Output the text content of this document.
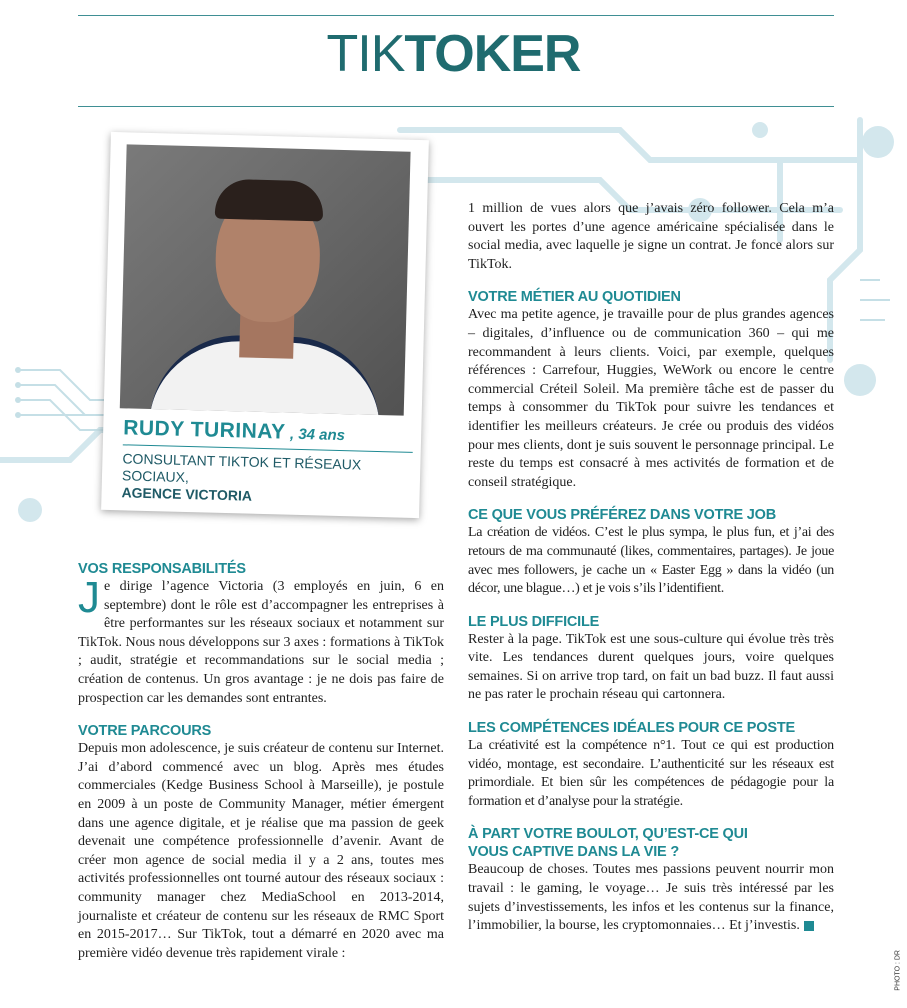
TIKTOKER
RUDY TURINAY , 34 ans
CONSULTANT TIKTOK ET RÉSEAUX SOCIAUX,
AGENCE VICTORIA
VOS RESPONSABILITÉS

Je dirige l’agence Victoria (3 employés en juin, 6 en septembre) dont le rôle est d’accompagner les entreprises à être performantes sur les réseaux sociaux et notamment sur TikTok. Nous nous développons sur 3 axes : formations à TikTok ; audit, stratégie et recommandations sur le social media ; création de contenus. Un gros avantage : je ne dois pas faire de prospection car les demandes sont entrantes.

VOTRE PARCOURS

Depuis mon adolescence, je suis créateur de contenu sur Internet. J’ai d’abord commencé avec un blog. Après mes études commerciales (Kedge Business School à Marseille), je postule en 2009 à un poste de Community Manager, métier émergent dans une agence digitale, et je réalise que ma passion de geek devenait une compétence professionnelle d’avenir. Avant de créer mon agence de social media il y a 2 ans, toutes mes activités professionnelles ont tourné autour des réseaux sociaux : community manager chez MediaSchool en 2013-2014, journaliste et créateur de contenu sur les réseaux de RMC Sport en 2015-2017… Sur TikTok, tout a démarré en 2020 avec ma première vidéo devenue très rapidement virale :

1 million de vues alors que j’avais zéro follower. Cela m’a ouvert les portes d’une agence américaine spécialisée dans le social media, avec laquelle je signe un contrat. Je fonce alors sur TikTok.

VOTRE MÉTIER AU QUOTIDIEN

Avec ma petite agence, je travaille pour de plus grandes agences – digitales, d’influence ou de communication 360 – qui me recommandent à leurs clients. Voici, par exemple, quelques références : Carrefour, Huggies, WeWork ou encore le centre commercial Créteil Soleil. Ma première tâche est de passer du temps à consommer du TikTok pour suivre les tendances et identifier les meilleurs créateurs. Je crée ou produis des vidéos pour mes clients, dont je suis souvent le personnage principal. Le reste du temps est consacré à mes activités de formation et de conseil stratégique.

CE QUE VOUS PRÉFÉREZ DANS VOTRE JOB

La création de vidéos. C’est le plus sympa, le plus fun, et j’ai des retours de ma communauté (likes, commentaires, partages). Je joue avec mes followers, je cache un « Easter Egg » dans la vidéo (un décor, une blague…) et je vois s’ils l’identifient.

LE PLUS DIFFICILE

Rester à la page. TikTok est une sous-culture qui évolue très très vite. Les tendances durent quelques jours, voire quelques semaines. Si on arrive trop tard, on fait un bad buzz. Il faut aussi ne pas rater le prochain réseau qui cartonnera.

LES COMPÉTENCES IDÉALES POUR CE POSTE

La créativité est la compétence n°1. Tout ce qui est production vidéo, montage, est secondaire. L’authenticité sur les réseaux est primordiale. Et bien sûr les compétences de pédagogie pour la formation et d’analyse pour la stratégie.

À PART VOTRE BOULOT, QU’EST-CE QUI
VOUS CAPTIVE DANS LA VIE ?

Beaucoup de choses. Toutes mes passions peuvent nourrir mon travail : le gaming, le voyage… Je suis très intéressé par les sujets d’investissements, les infos et les contenus sur la finance, l’immobilier, la bourse, les cryptomonnaies… Et j’investis.

PHOTO : DR
